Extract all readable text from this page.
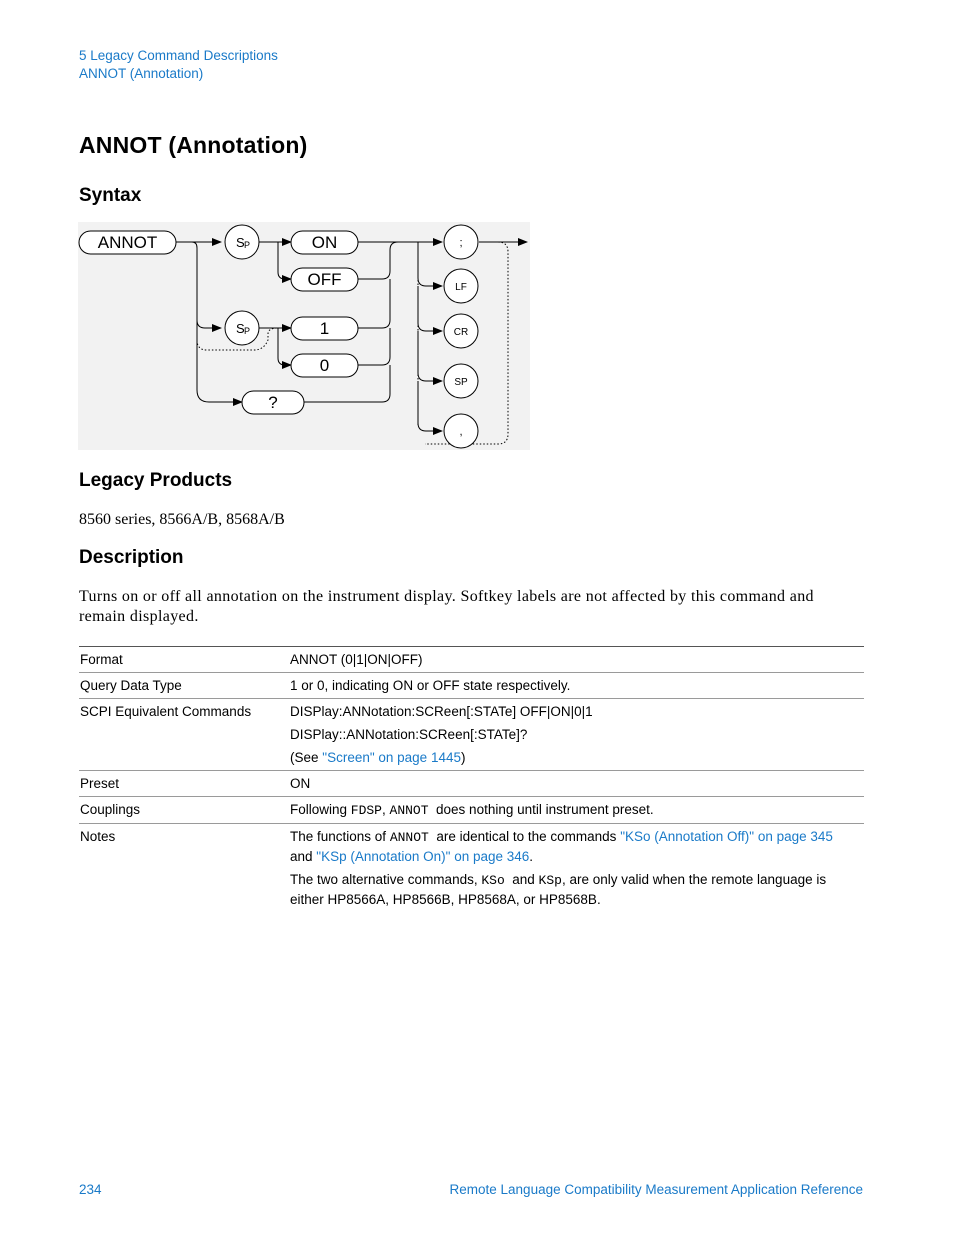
5 Legacy Command Descriptions
ANNOT (Annotation)
ANNOT (Annotation)
Syntax
ANNOT	S P
S P
ON
OFF
1
0
?
;
LF
CR
SP
,
Legacy Products
8560 series, 8566A/B, 8568A/B
Description
Turns on or off all annotation on the instrument display. Softkey labels are not affected by this command and remain displayed.
Format	ANNOT (0|1|ON|OFF)
Query Data Type	1 or 0, indicating ON or OFF state respectively.
SCPI Equivalent Commands	DISPlay:ANNotation:SCReen[:STATe] OFF|ON|0|1

DISPlay::ANNotation:SCReen[:STATe]?

(See "Screen" on page 1445)

Preset	ON
Couplings	Following FDSP, ANNOT  does nothing until instrument preset.
Notes	The functions of ANNOT  are identical to the commands "KSo (Annotation Off)" on page 345 and "KSp (Annotation On)" on page 346.

The two alternative commands, KSo  and KSp, are only valid when the remote language is either HP8566A, HP8566B, HP8568A, or HP8568B.

234	Remote Language Compatibility Measurement Application Reference
